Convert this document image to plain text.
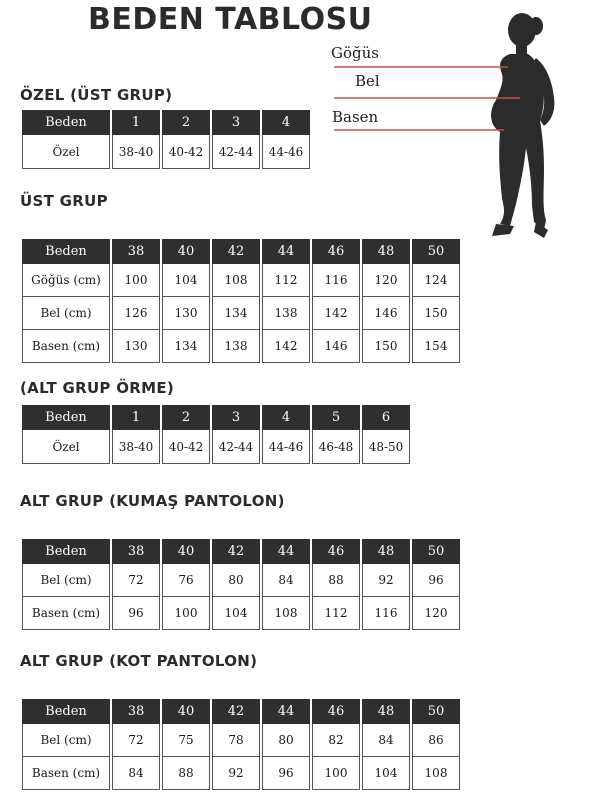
BEDEN TABLOSU
Göğüs
Bel
Basen
ÖZEL (ÜST GRUP)
Beden	1	2	3	4
Özel	38-40	40-42	42-44	44-46
ÜST GRUP
Beden	38	40	42	44	46	48	50
Göğüs (cm)	100	104	108	112	116	120	124
Bel (cm)	126	130	134	138	142	146	150
Basen (cm)	130	134	138	142	146	150	154
(ALT GRUP ÖRME)
Beden	1	2	3	4	5	6
Özel	38-40	40-42	42-44	44-46	46-48	48-50
ALT GRUP (KUMAŞ PANTOLON)
Beden	38	40	42	44	46	48	50
Bel (cm)	72	76	80	84	88	92	96
Basen (cm)	96	100	104	108	112	116	120
ALT GRUP (KOT PANTOLON)
Beden	38	40	42	44	46	48	50
Bel (cm)	72	75	78	80	82	84	86
Basen (cm)	84	88	92	96	100	104	108
